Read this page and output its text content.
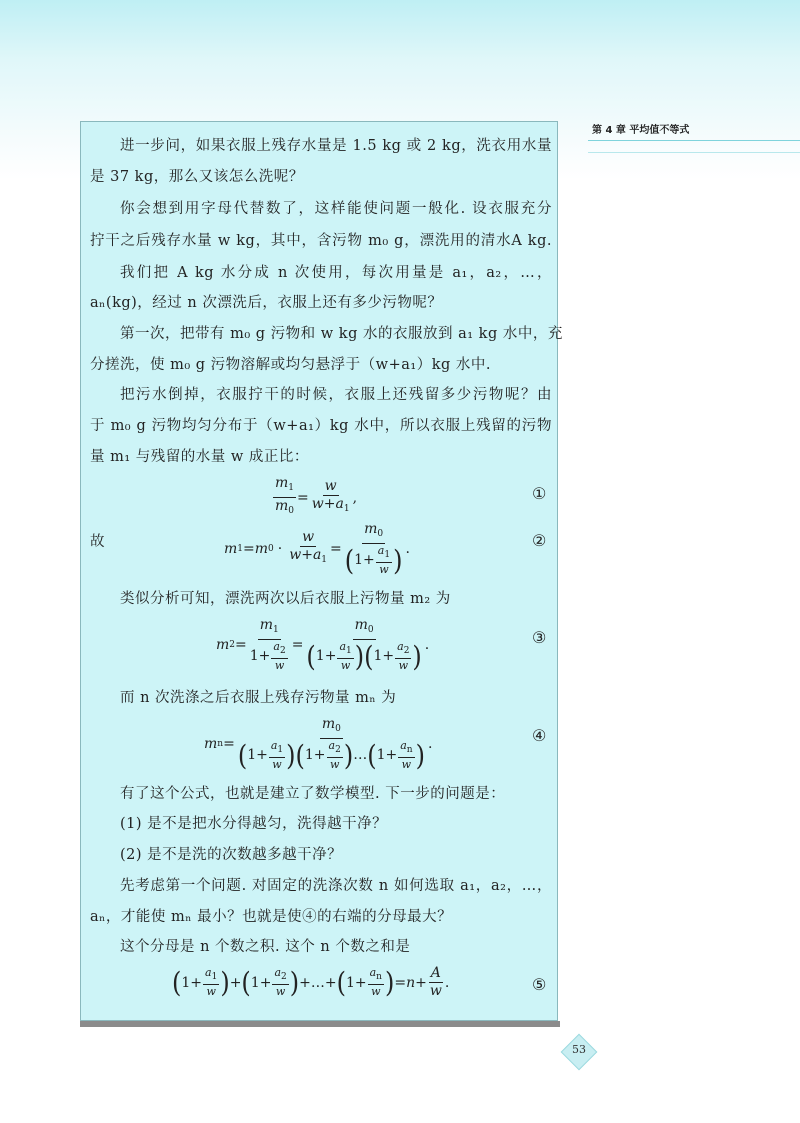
第 4 章 平均值不等式
进一步问，如果衣服上残存水量是 1.5 kg 或 2 kg，洗衣用水量
是 37 kg，那么又该怎么洗呢？
你会想到用字母代替数了，这样能使问题一般化. 设衣服充分
拧干之后残存水量 w kg，其中，含污物 m₀ g，漂洗用的清水A kg.
我们把 A kg 水分成 n 次使用，每次用量是 a₁，a₂，…，
aₙ(kg)，经过 n 次漂洗后，衣服上还有多少污物呢？
第一次，把带有 m₀ g 污物和 w kg 水的衣服放到 a₁ kg 水中，充
分搓洗，使 m₀ g 污物溶解或均匀悬浮于（w+a₁）kg 水中.
把污水倒掉，衣服拧干的时候，衣服上还残留多少污物呢？由
于 m₀ g 污物均匀分布于（w+a₁）kg 水中，所以衣服上残留的污物
量 m₁ 与残留的水量 w 成正比：
$\frac{m_1}{m_0} = \frac{w}{w+a_1}$ ,	①
故	m 1 = m $0 \cdot \frac{w}{w+a_1} = \frac{m_0}{( 1+ \frac{a_1}{w} )}$ .	②
类似分析可知，漂洗两次以后衣服上污物量 m₂ 为
m $2 = \frac{m_1}{1+ \frac{a_2}{w}} = \frac{m_0}{( 1+ \frac{a_1}{w} ) ( 1+ \frac{a_2}{w} )}$ .	③
而 n 次洗涤之后衣服上残存污物量 mₙ 为
m $n = \frac{m_0}{( 1+ \frac{a_1}{w} ) ( 1+ \frac{a_2}{w} ) \dots ( 1+ \frac{a_n}{w} )}$ .	④
有了这个公式，也就是建立了数学模型. 下一步的问题是：
(1) 是不是把水分得越匀，洗得越干净？
(2) 是不是洗的次数越多越干净？
先考虑第一个问题. 对固定的洗涤次数 n 如何选取 a₁，a₂，…，
aₙ，才能使 mₙ 最小？也就是使④的右端的分母最大？
这个分母是 n 个数之积. 这个 n 个数之和是
( $1+ \frac{a_1}{w}$ ) + ( $1+ \frac{a_2}{w}$ ) +…+ ( $1+ \frac{a_n}{w}$ ) = $n + \frac{A}{w}$ .	⑤
53
